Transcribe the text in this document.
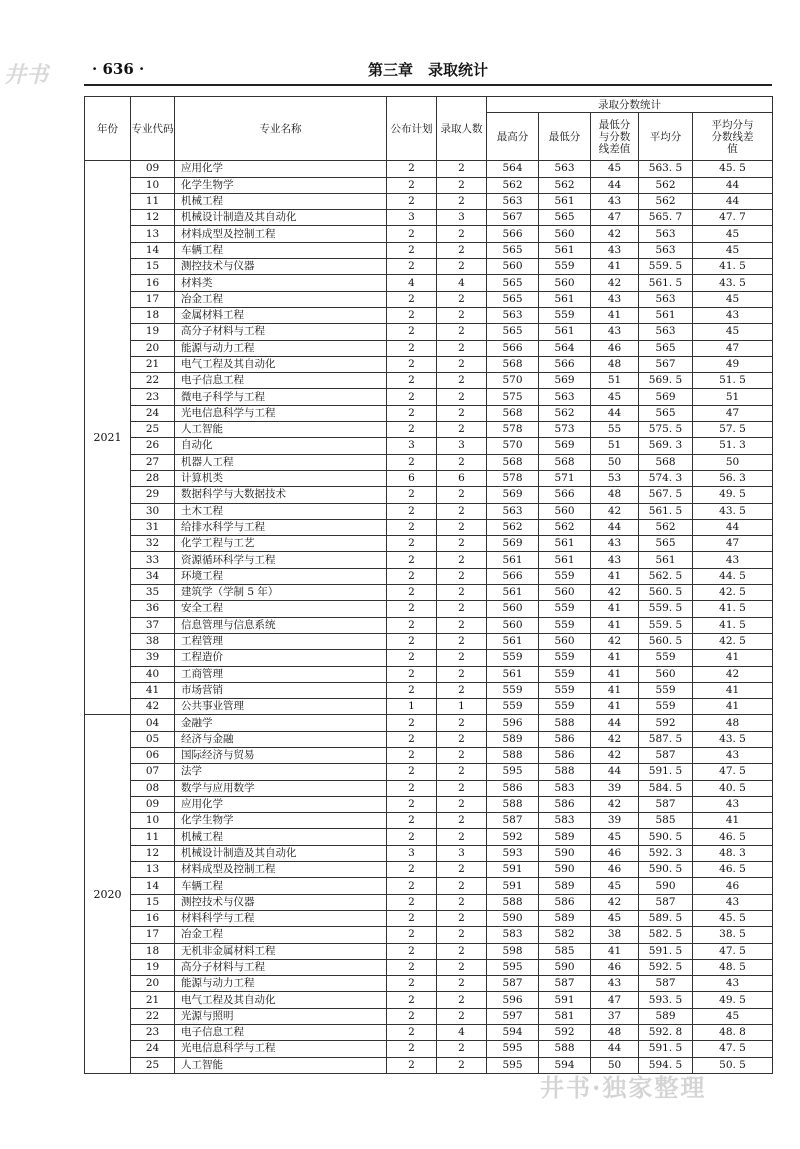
井书	· 636 ·	第三章　录取统计
年份	专业代码	专业名称	公布计划	录取人数	录取分数统计				
					最高分	最低分	最低分与分数线差值	平均分	平均分与分数线差值
2021	09	应用化学	2	2	564	563	45	563. 5	45. 5
	10	化学生物学	2	2	562	562	44	562	44
	11	机械工程	2	2	563	561	43	562	44
	12	机械设计制造及其自动化	3	3	567	565	47	565. 7	47. 7
	13	材料成型及控制工程	2	2	566	560	42	563	45
	14	车辆工程	2	2	565	561	43	563	45
	15	测控技术与仪器	2	2	560	559	41	559. 5	41. 5
	16	材料类	4	4	565	560	42	561. 5	43. 5
	17	冶金工程	2	2	565	561	43	563	45
	18	金属材料工程	2	2	563	559	41	561	43
	19	高分子材料与工程	2	2	565	561	43	563	45
	20	能源与动力工程	2	2	566	564	46	565	47
	21	电气工程及其自动化	2	2	568	566	48	567	49
	22	电子信息工程	2	2	570	569	51	569. 5	51. 5
	23	微电子科学与工程	2	2	575	563	45	569	51
	24	光电信息科学与工程	2	2	568	562	44	565	47
	25	人工智能	2	2	578	573	55	575. 5	57. 5
	26	自动化	3	3	570	569	51	569. 3	51. 3
	27	机器人工程	2	2	568	568	50	568	50
	28	计算机类	6	6	578	571	53	574. 3	56. 3
	29	数据科学与大数据技术	2	2	569	566	48	567. 5	49. 5
	30	土木工程	2	2	563	560	42	561. 5	43. 5
	31	给排水科学与工程	2	2	562	562	44	562	44
	32	化学工程与工艺	2	2	569	561	43	565	47
	33	资源循环科学与工程	2	2	561	561	43	561	43
	34	环境工程	2	2	566	559	41	562. 5	44. 5
	35	建筑学（学制 5 年）	2	2	561	560	42	560. 5	42. 5
	36	安全工程	2	2	560	559	41	559. 5	41. 5
	37	信息管理与信息系统	2	2	560	559	41	559. 5	41. 5
	38	工程管理	2	2	561	560	42	560. 5	42. 5
	39	工程造价	2	2	559	559	41	559	41
	40	工商管理	2	2	561	559	41	560	42
	41	市场营销	2	2	559	559	41	559	41
	42	公共事业管理	1	1	559	559	41	559	41
2020	04	金融学	2	2	596	588	44	592	48
	05	经济与金融	2	2	589	586	42	587. 5	43. 5
	06	国际经济与贸易	2	2	588	586	42	587	43
	07	法学	2	2	595	588	44	591. 5	47. 5
	08	数学与应用数学	2	2	586	583	39	584. 5	40. 5
	09	应用化学	2	2	588	586	42	587	43
	10	化学生物学	2	2	587	583	39	585	41
	11	机械工程	2	2	592	589	45	590. 5	46. 5
	12	机械设计制造及其自动化	3	3	593	590	46	592. 3	48. 3
	13	材料成型及控制工程	2	2	591	590	46	590. 5	46. 5
	14	车辆工程	2	2	591	589	45	590	46
	15	测控技术与仪器	2	2	588	586	42	587	43
	16	材料科学与工程	2	2	590	589	45	589. 5	45. 5
	17	冶金工程	2	2	583	582	38	582. 5	38. 5
	18	无机非金属材料工程	2	2	598	585	41	591. 5	47. 5
	19	高分子材料与工程	2	2	595	590	46	592. 5	48. 5
	20	能源与动力工程	2	2	587	587	43	587	43
	21	电气工程及其自动化	2	2	596	591	47	593. 5	49. 5
	22	光源与照明	2	2	597	581	37	589	45
	23	电子信息工程	2	4	594	592	48	592. 8	48. 8
	24	光电信息科学与工程	2	2	595	588	44	591. 5	47. 5
	25	人工智能	2	2	595	594	50	594. 5	50. 5
井书·独家整理
